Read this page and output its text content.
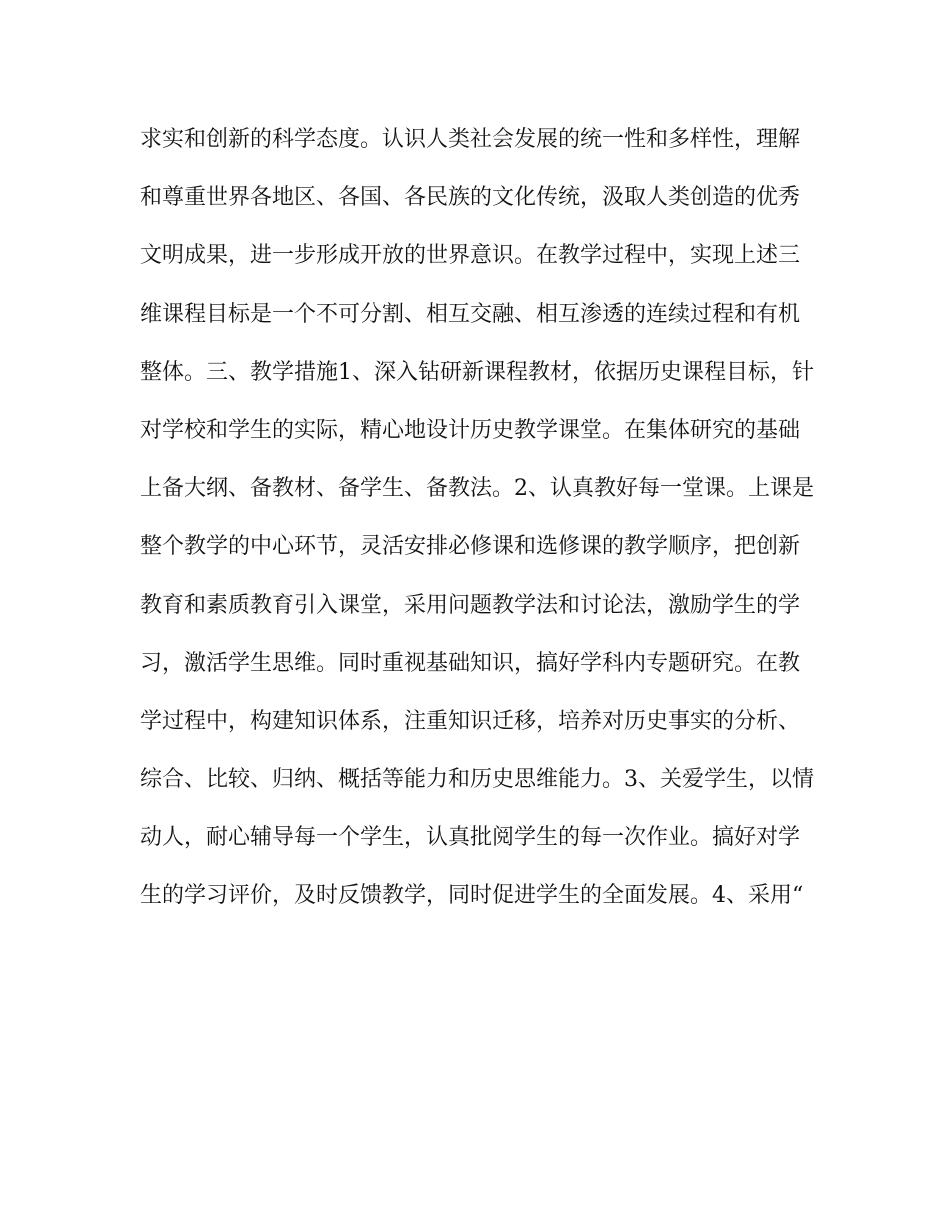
求实和创新的科学态度。认识人类社会发展的统一性和多样性，理解
和尊重世界各地区、各国、各民族的文化传统，汲取人类创造的优秀
文明成果，进一步形成开放的世界意识。在教学过程中，实现上述三
维课程目标是一个不可分割、相互交融、相互渗透的连续过程和有机
整体。三、教学措施1、深入钻研新课程教材，依据历史课程目标，针
对学校和学生的实际，精心地设计历史教学课堂。在集体研究的基础
上备大纲、备教材、备学生、备教法。2、认真教好每一堂课。上课是
整个教学的中心环节，灵活安排必修课和选修课的教学顺序，把创新
教育和素质教育引入课堂，采用问题教学法和讨论法，激励学生的学
习，激活学生思维。同时重视基础知识，搞好学科内专题研究。在教
学过程中，构建知识体系，注重知识迁移，培养对历史事实的分析、
综合、比较、归纳、概括等能力和历史思维能力。3、关爱学生，以情
动人，耐心辅导每一个学生，认真批阅学生的每一次作业。搞好对学
生的学习评价，及时反馈教学，同时促进学生的全面发展。4、采用“
